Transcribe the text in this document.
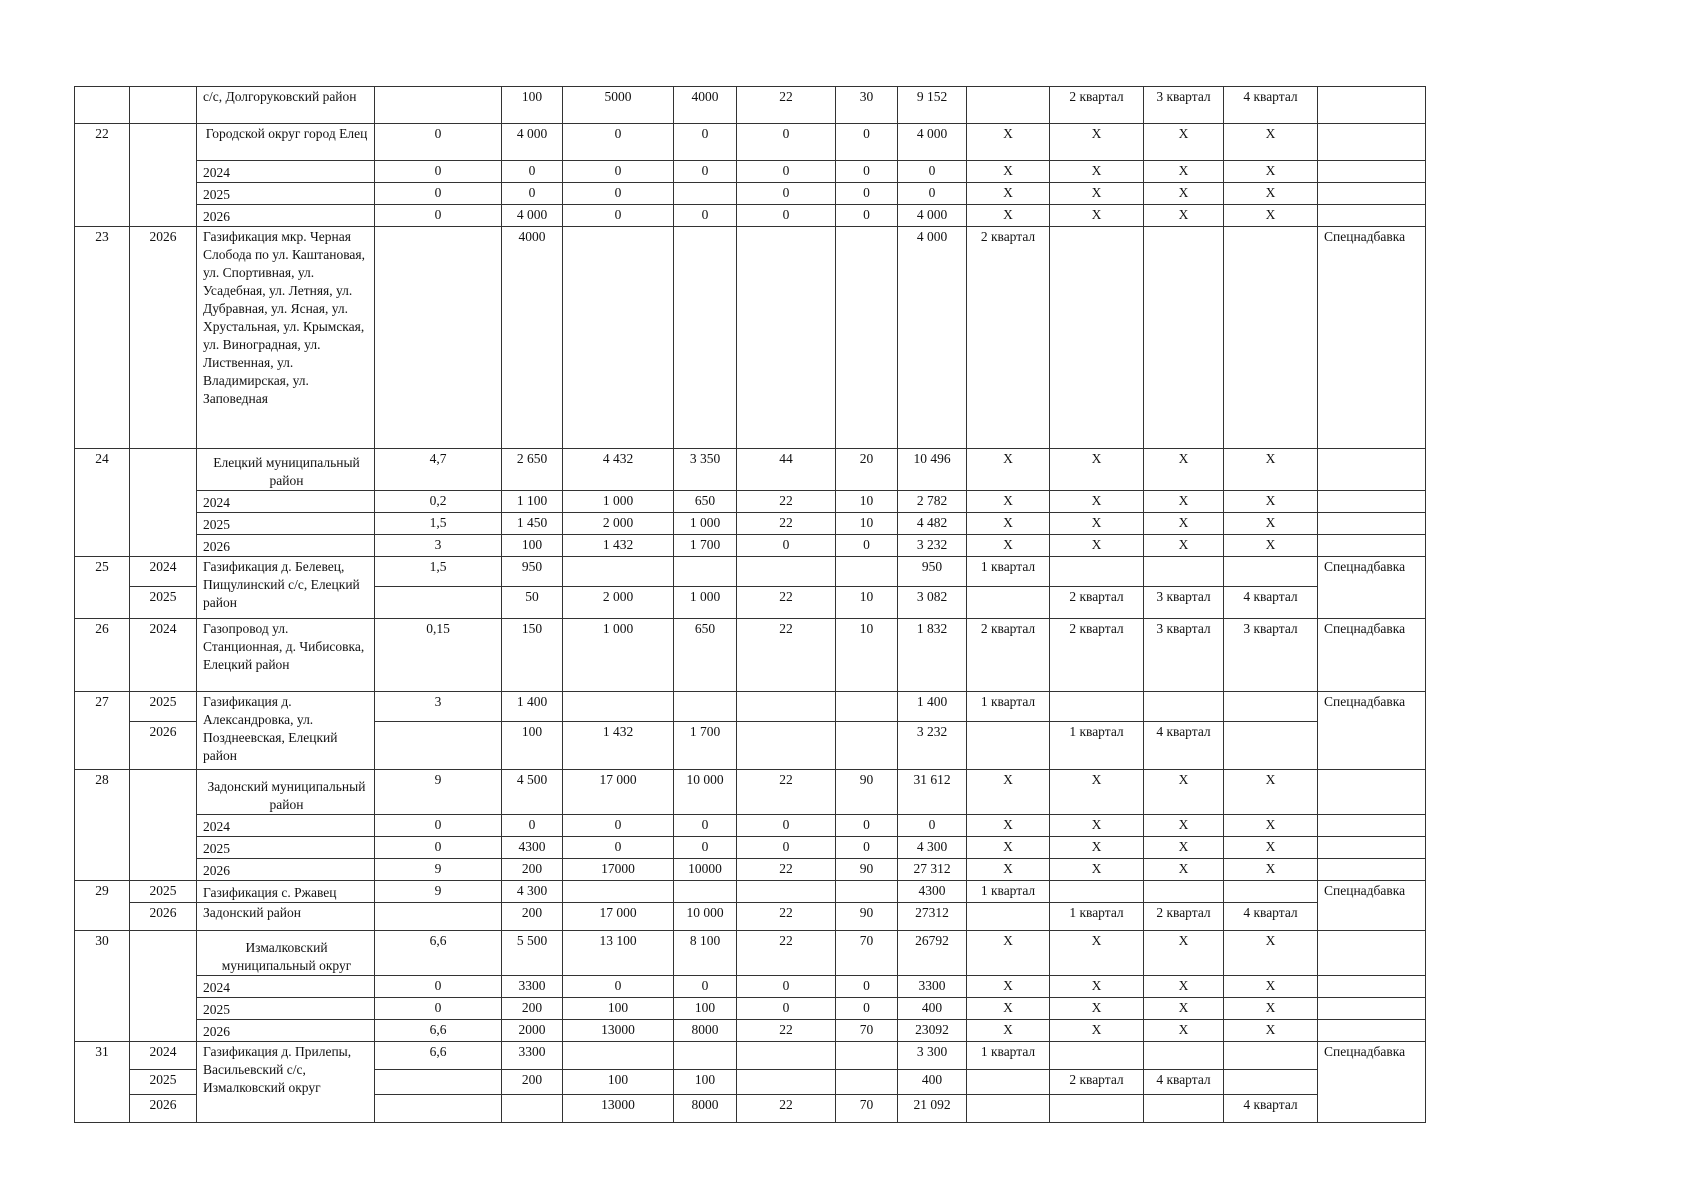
		с/с, Долгоруковский район		100	5000	4000	22	30	9 152		2 квартал	3 квартал	4 квартал	
22		Городской округ город Елец	0	4 000	0	0	0	0	4 000	X	X	X	X	
		2024	0	0	0	0	0	0	0	X	X	X	X	
		2025	0	0	0		0	0	0	X	X	X	X	
		2026	0	4 000	0	0	0	0	4 000	X	X	X	X	
23	2026	Газификация мкр. Черная Слобода по ул. Каштановая, ул. Спортивная, ул. Усадебная, ул. Летняя, ул. Дубравная, ул. Ясная, ул. Хрустальная, ул. Крымская, ул. Виноградная, ул. Лиственная, ул. Владимирская, ул. Заповедная		4000					4 000	2 квартал				Спецнадбавка
24		Елецкий муниципальный район	4,7	2 650	4 432	3 350	44	20	10 496	X	X	X	X	
		2024	0,2	1 100	1 000	650	22	10	2 782	X	X	X	X	
		2025	1,5	1 450	2 000	1 000	22	10	4 482	X	X	X	X	
		2026	3	100	1 432	1 700	0	0	3 232	X	X	X	X	
25	2024	Газификация д. Белевец, Пищулинский с/с, Елецкий район	1,5	950					950	1 квартал				Спецнадбавка
	2025			50	2 000	1 000	22	10	3 082		2 квартал	3 квартал	4 квартал	
26	2024	Газопровод ул. Станционная, д. Чибисовка, Елецкий район	0,15	150	1 000	650	22	10	1 832	2 квартал	2 квартал	3 квартал	3 квартал	Спецнадбавка
27	2025	Газификация д. Александровка, ул. Позднеевская, Елецкий район	3	1 400					1 400	1 квартал				Спецнадбавка
	2026			100	1 432	1 700			3 232		1 квартал	4 квартал		
28		Задонский муниципальный район	9	4 500	17 000	10 000	22	90	31 612	X	X	X	X	
		2024	0	0	0	0	0	0	0	X	X	X	X	
		2025	0	4300	0	0	0	0	4 300	X	X	X	X	
		2026	9	200	17000	10000	22	90	27 312	X	X	X	X	
29	2025	Газификация с. Ржавец	9	4 300					4300	1 квартал				Спецнадбавка
	2026	Задонский район		200	17 000	10 000	22	90	27312		1 квартал	2 квартал	4 квартал	
30		Измалковский муниципальный округ	6,6	5 500	13 100	8 100	22	70	26792	X	X	X	X	
		2024	0	3300	0	0	0	0	3300	X	X	X	X	
		2025	0	200	100	100	0	0	400	X	X	X	X	
		2026	6,6	2000	13000	8000	22	70	23092	X	X	X	X	
31	2024	Газификация д. Прилепы, Васильевский с/с, Измалковский округ	6,6	3300					3 300	1 квартал				Спецнадбавка
	2025			200	100	100			400		2 квартал	4 квартал		
	2026				13000	8000	22	70	21 092				4 квартал	
